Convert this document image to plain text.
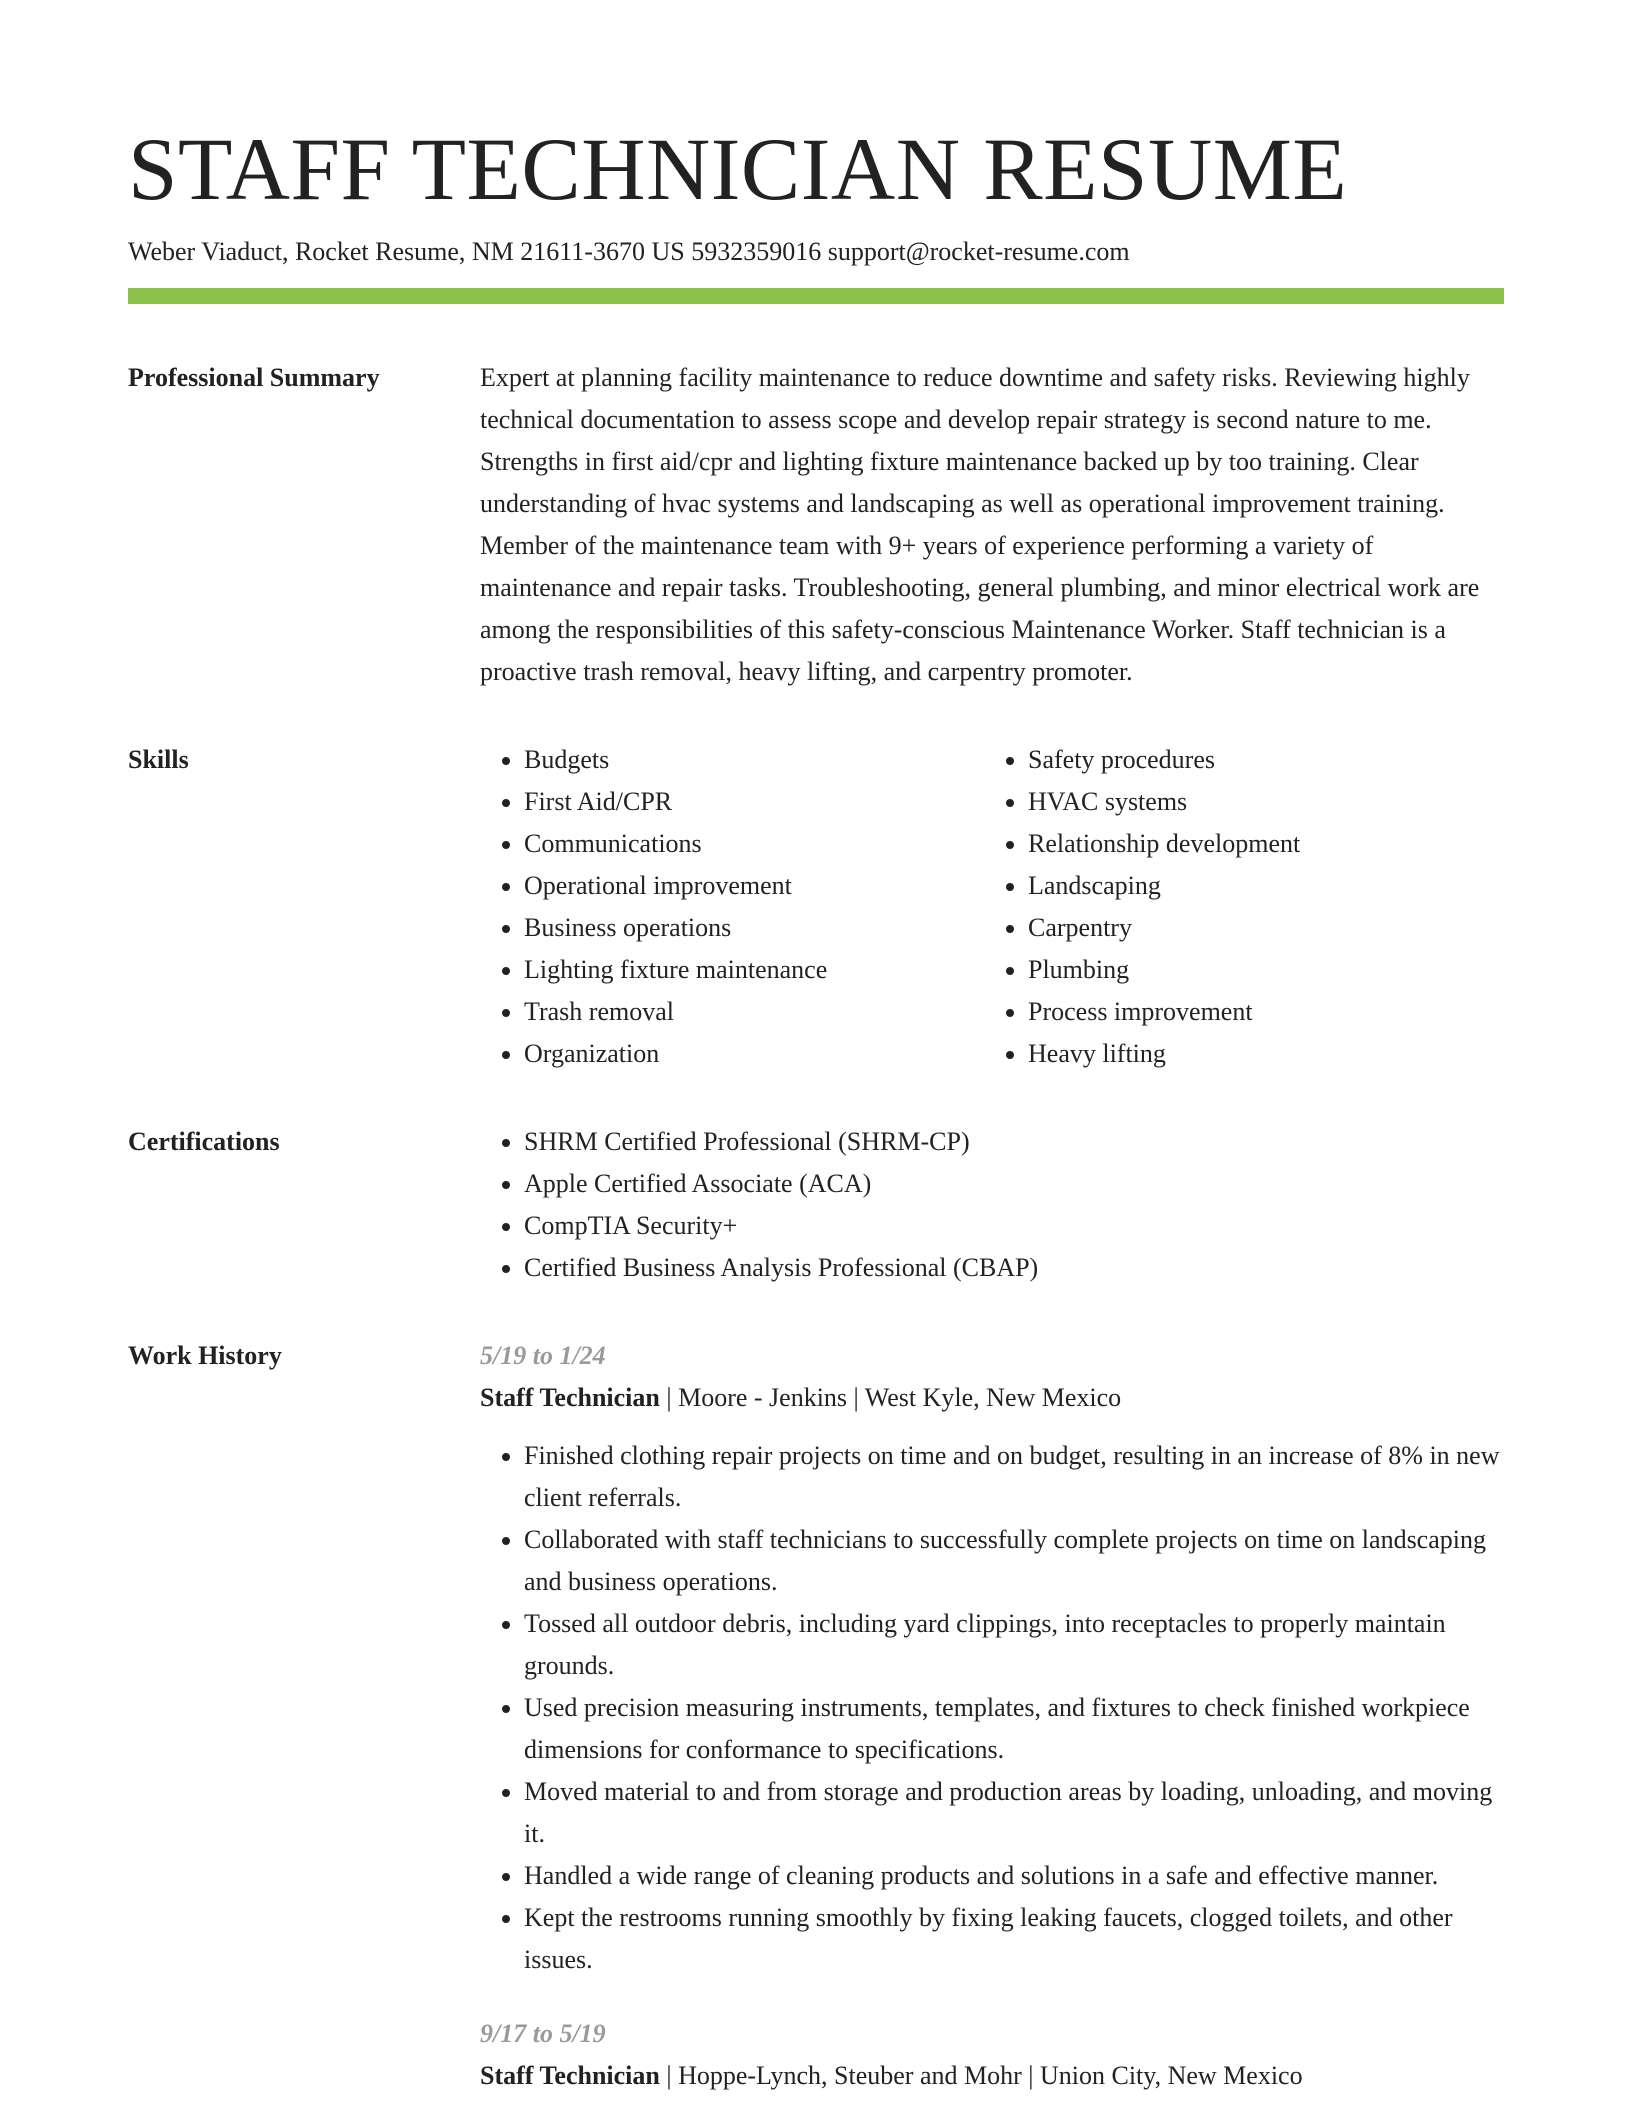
STAFF TECHNICIAN RESUME
Weber Viaduct, Rocket Resume, NM 21611-3670 US 5932359016 support@rocket-resume.com
Professional Summary	Expert at planning facility maintenance to reduce downtime and safety risks. Reviewing highly technical documentation to assess scope and develop repair strategy is second nature to me. Strengths in first aid/cpr and lighting fixture maintenance backed up by too training. Clear understanding of hvac systems and landscaping as well as operational improvement training. Member of the maintenance team with 9+ years of experience performing a variety of maintenance and repair tasks. Troubleshooting, general plumbing, and minor electrical work are among the responsibilities of this safety-conscious Maintenance Worker. Staff technician is a proactive trash removal, heavy lifting, and carpentry promoter.

Skills	• Budgets
• First Aid/CPR
• Communications
• Operational improvement
• Business operations
• Lighting fixture maintenance
• Trash removal
• Organization
• Safety procedures
• HVAC systems
• Relationship development
• Landscaping
• Carpentry
• Plumbing
• Process improvement
• Heavy lifting
Certifications	• SHRM Certified Professional (SHRM-CP)
• Apple Certified Associate (ACA)
• CompTIA Security+
• Certified Business Analysis Professional (CBAP)
Work History	5/19 to 1/24
Staff Technician | Moore - Jenkins | West Kyle, New Mexico
• Finished clothing repair projects on time and on budget, resulting in an increase of 8% in new client referrals.
• Collaborated with staff technicians to successfully complete projects on time on landscaping and business operations.
• Tossed all outdoor debris, including yard clippings, into receptacles to properly maintain grounds.
• Used precision measuring instruments, templates, and fixtures to check finished workpiece dimensions for conformance to specifications.
• Moved material to and from storage and production areas by loading, unloading, and moving it.
• Handled a wide range of cleaning products and solutions in a safe and effective manner.
• Kept the restrooms running smoothly by fixing leaking faucets, clogged toilets, and other issues.
9/17 to 5/19
Staff Technician | Hoppe-Lynch, Steuber and Mohr | Union City, New Mexico
